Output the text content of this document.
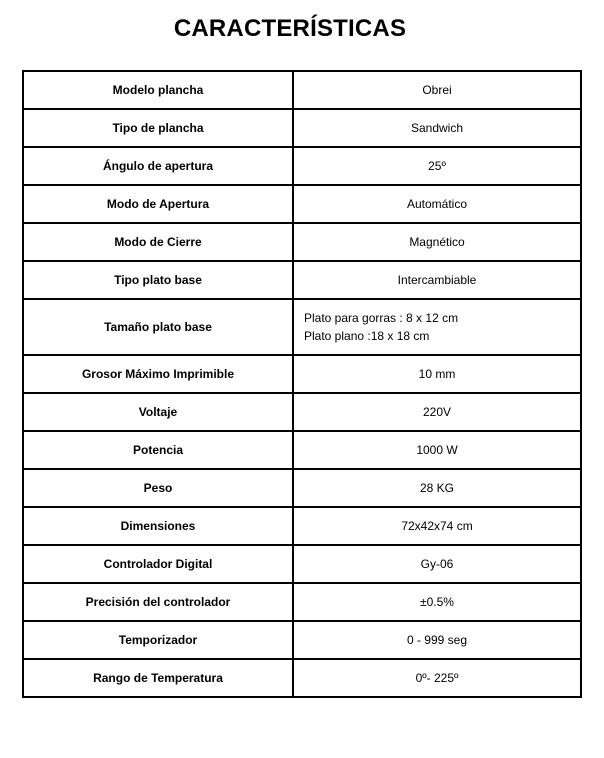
CARACTERÍSTICAS
Modelo plancha	Obrei
Tipo de plancha	Sandwich
Ángulo de apertura	25º
Modo de Apertura	Automático
Modo de Cierre	Magnético
Tipo plato base	Intercambiable
Tamaño plato base	Plato para gorras : 8 x 12 cm
Plato plano :18 x 18 cm

Grosor Máximo Imprimible	10 mm
Voltaje	220V
Potencia	1000 W
Peso	28 KG
Dimensiones	72x42x74 cm
Controlador Digital	Gy-06
Precisión del controlador	±0.5%
Temporizador	0 - 999 seg
Rango de Temperatura	0º- 225º
